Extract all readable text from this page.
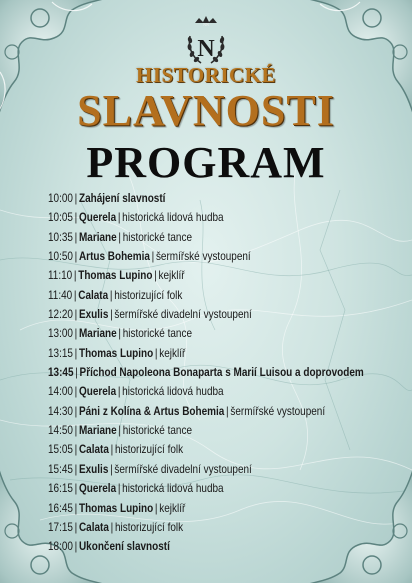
NN
N
HISTORICKÉ
SLAVNOSTI
PROGRAM
10:00 | Zahájení slavností
10:05 | Querela | historická lidová hudba
10:35 | Mariane | historické tance
10:50 | Artus Bohemia | šermířské vystoupení
11:10 | Thomas Lupino | kejklíř
11:40 | Calata | historizující folk
12:20 | Exulis | šermířské divadelní vystoupení
13:00 | Mariane | historické tance
13:15 | Thomas Lupino | kejklíř
13:45 | Příchod Napoleona Bonaparta s Marií Luisou a doprovodem
14:00 | Querela | historická lidová hudba
14:30 | Páni z Kolína & Artus Bohemia | šermířské vystoupení
14:50 | Mariane | historické tance
15:05 | Calata | historizující folk
15:45 | Exulis | šermířské divadelní vystoupení
16:15 | Querela | historická lidová hudba
16:45 | Thomas Lupino | kejklíř
17:15 | Calata | historizující folk
18:00 | Ukončení slavností
